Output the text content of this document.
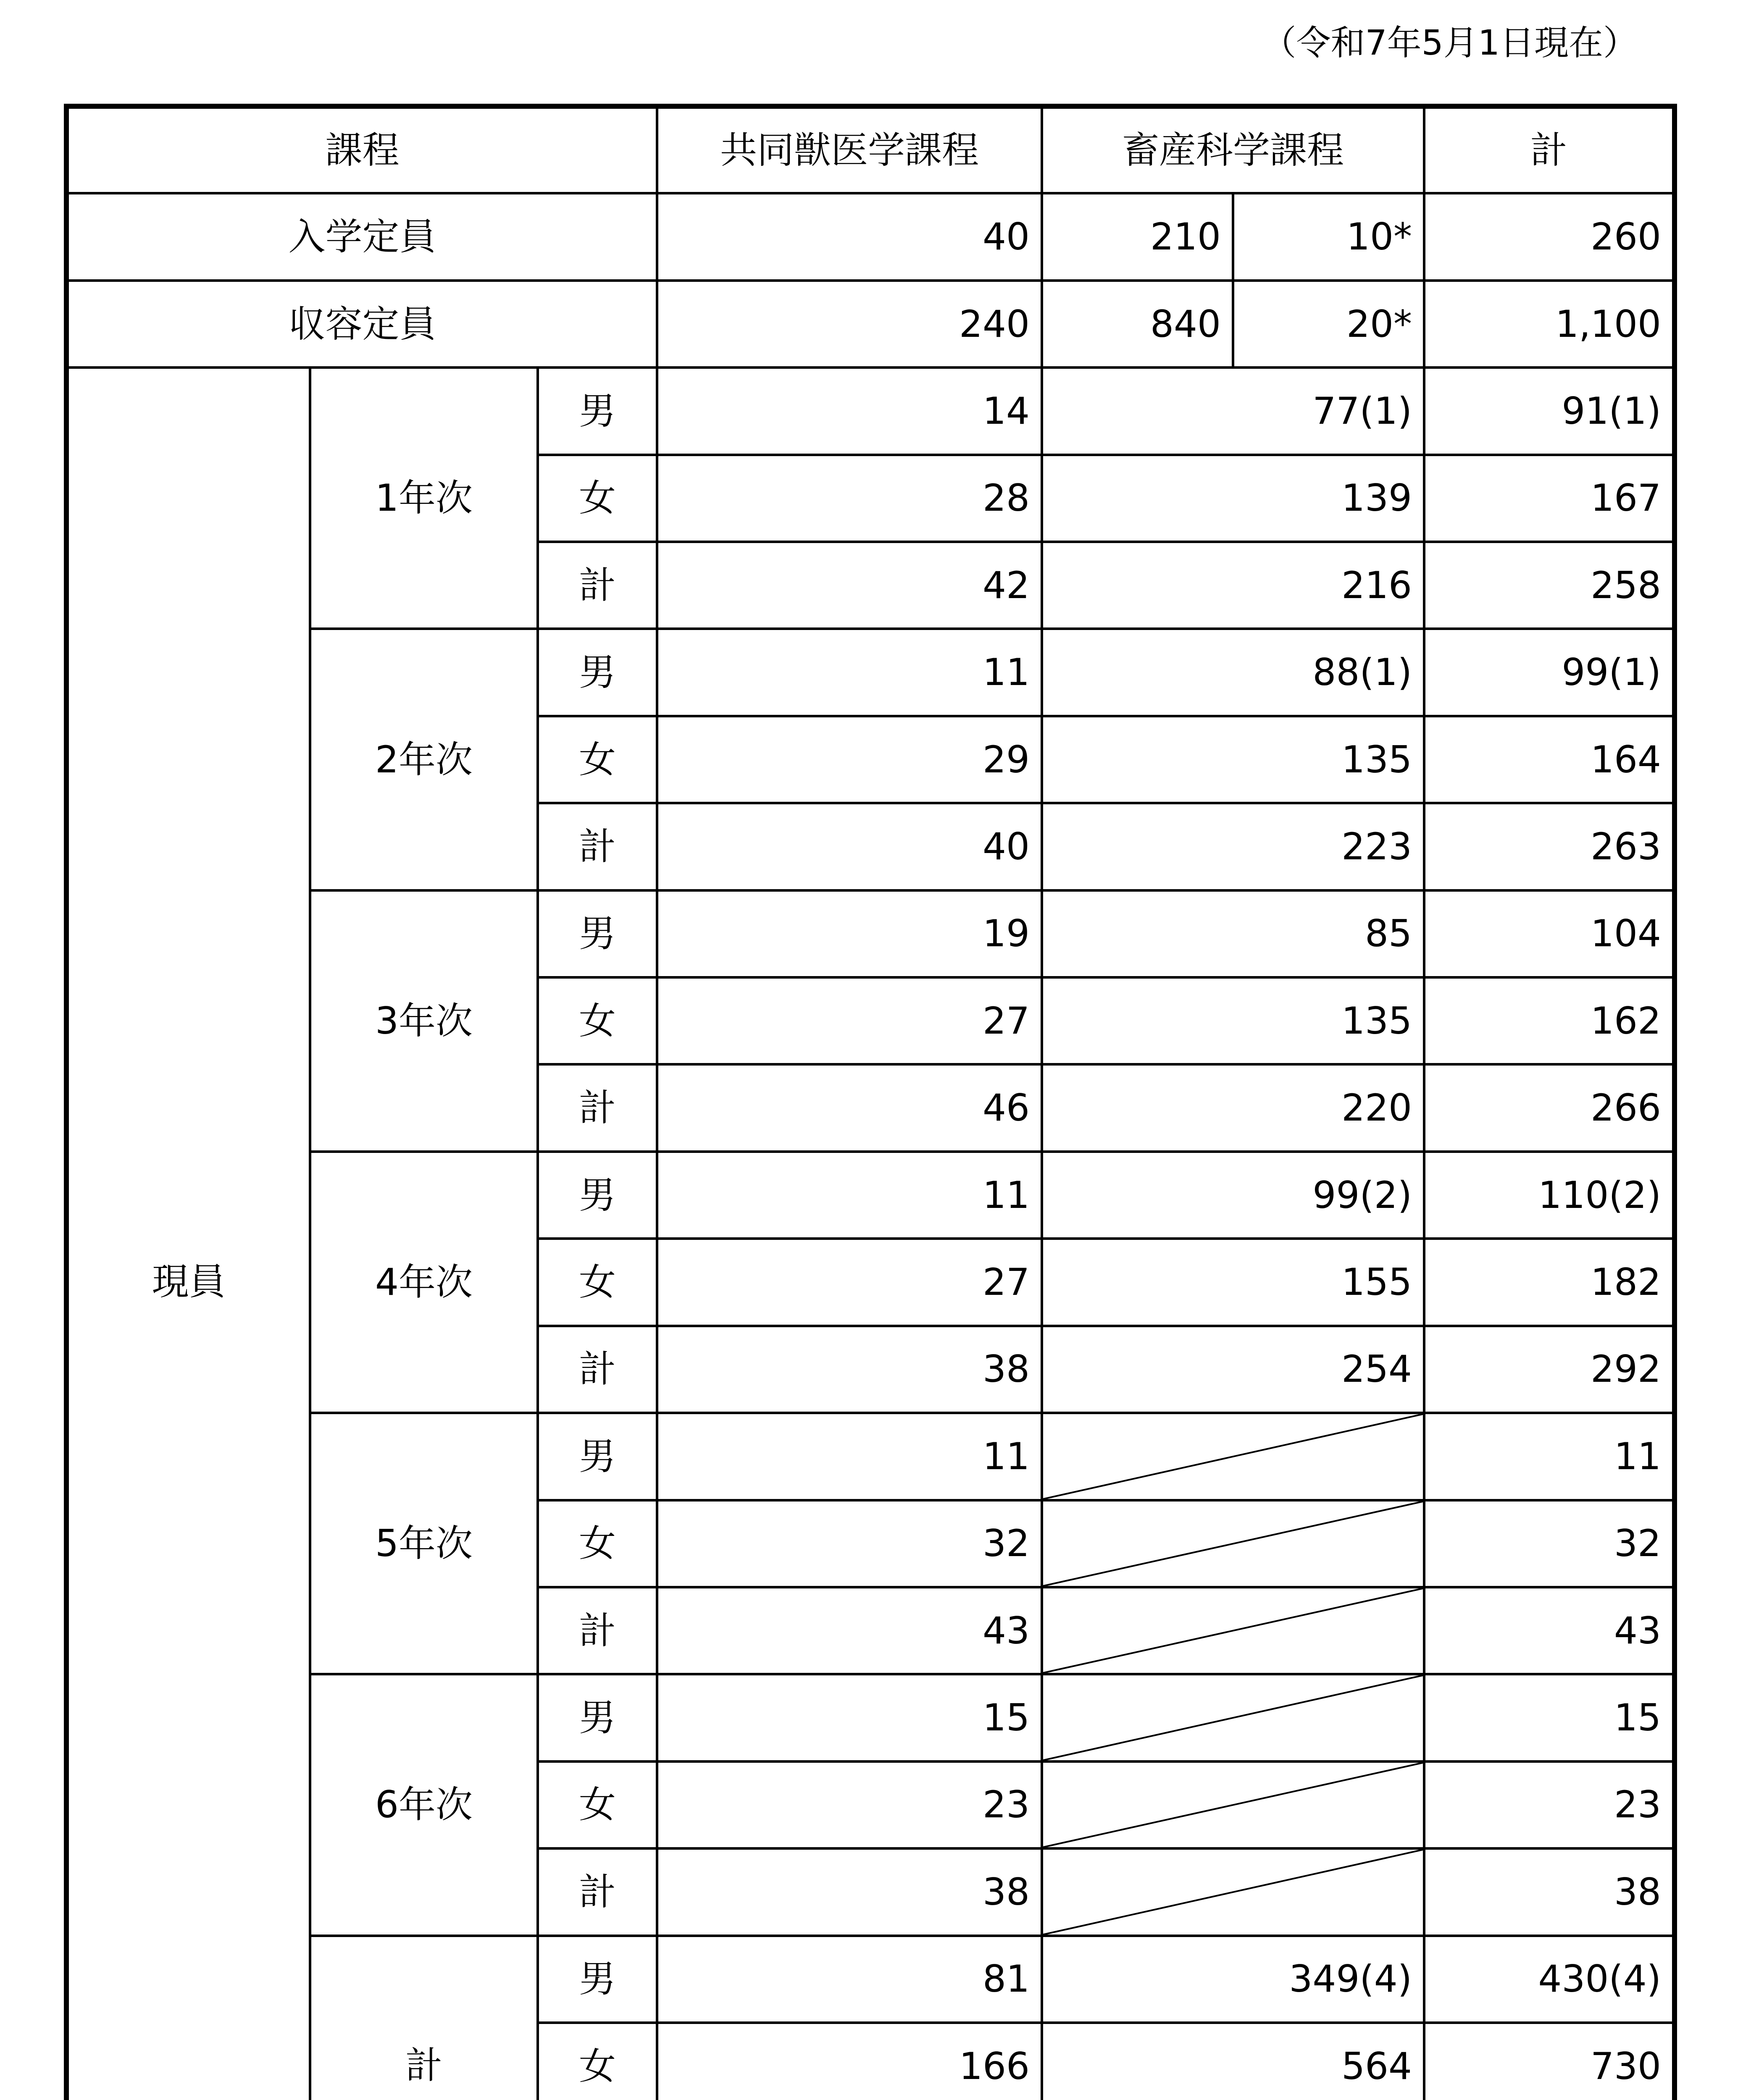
（令和7年5月1日現在）
課程			共同獣医学課程	畜産科学課程		計
入学定員			40	210	10*	260
収容定員			240	840	20*	1,100
現員	1年次	男	14	77(1)		91(1)
		女	28	139		167
		計	42	216		258
	2年次	男	11	88(1)		99(1)
		女	29	135		164
		計	40	223		263
	3年次	男	19	85		104
		女	27	135		162
		計	46	220		266
	4年次	男	11	99(2)		110(2)
		女	27	155		182
		計	38	254		292
	5年次	男	11			11
		女	32			32
		計	43			43
	6年次	男	15			15
		女	23			23
		計	38			38
	計	男	81	349(4)		430(4)
		女	166	564		730
